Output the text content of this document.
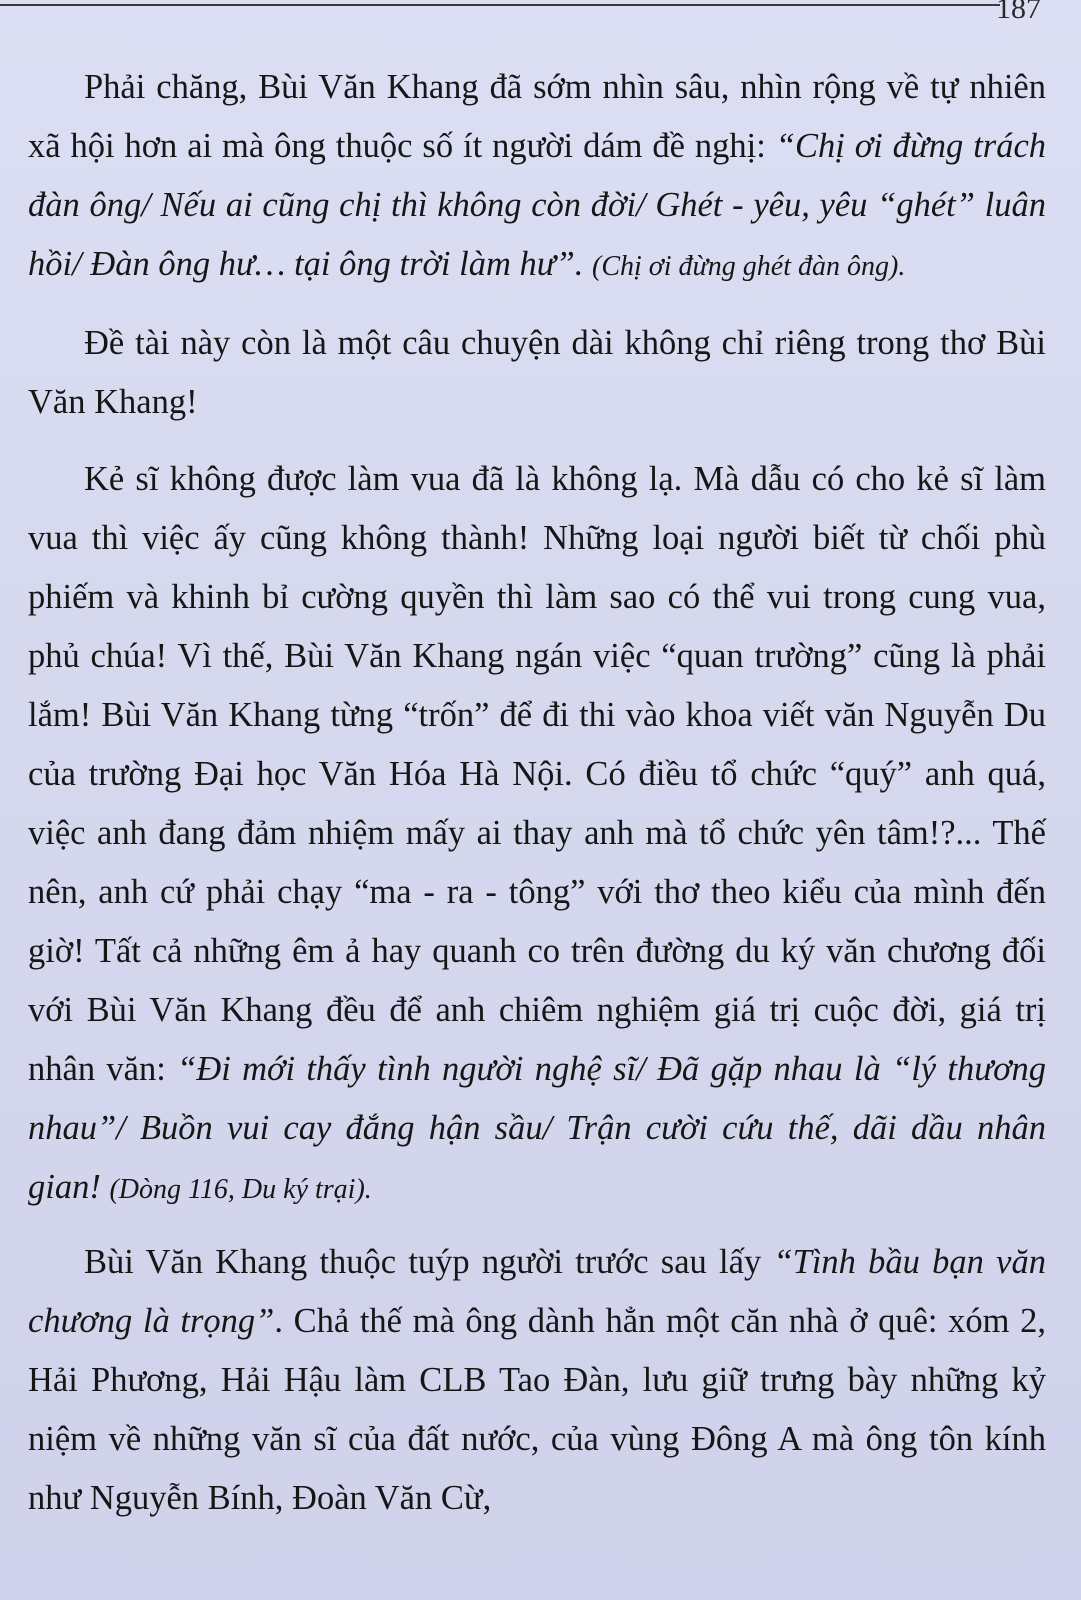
187

Phải chăng, Bùi Văn Khang đã sớm nhìn sâu, nhìn rộng về tự nhiên xã hội hơn ai mà ông thuộc số ít người dám đề nghị: “Chị ơi đừng trách đàn ông/ Nếu ai cũng chị thì không còn đời/ Ghét - yêu, yêu “ghét” luân hồi/ Đàn ông hư… tại ông trời làm hư”. (Chị ơi đừng ghét đàn ông).

Đề tài này còn là một câu chuyện dài không chỉ riêng trong thơ Bùi Văn Khang!

Kẻ sĩ không được làm vua đã là không lạ. Mà dẫu có cho kẻ sĩ làm vua thì việc ấy cũng không thành! Những loại người biết từ chối phù phiếm và khinh bỉ cường quyền thì làm sao có thể vui trong cung vua, phủ chúa! Vì thế, Bùi Văn Khang ngán việc “quan trường” cũng là phải lắm! Bùi Văn Khang từng “trốn” để đi thi vào khoa viết văn Nguyễn Du của trường Đại học Văn Hóa Hà Nội. Có điều tổ chức “quý” anh quá, việc anh đang đảm nhiệm mấy ai thay anh mà tổ chức yên tâm!?... Thế nên, anh cứ phải chạy “ma - ra - tông” với thơ theo kiểu của mình đến giờ! Tất cả những êm ả hay quanh co trên đường du ký văn chương đối với Bùi Văn Khang đều để anh chiêm nghiệm giá trị cuộc đời, giá trị nhân văn: “Đi mới thấy tình người nghệ sĩ/ Đã gặp nhau là “lý thương nhau”/ Buồn vui cay đắng hận sầu/ Trận cười cứu thế, dãi dầu nhân gian! (Dòng 116, Du ký trại).

Bùi Văn Khang thuộc tuýp người trước sau lấy “Tình bầu bạn văn chương là trọng”. Chả thế mà ông dành hẳn một căn nhà ở quê: xóm 2, Hải Phương, Hải Hậu làm CLB Tao Đàn, lưu giữ trưng bày những kỷ niệm về những văn sĩ của đất nước, của vùng Đông A mà ông tôn kính như Nguyễn Bính, Đoàn Văn Cừ,
